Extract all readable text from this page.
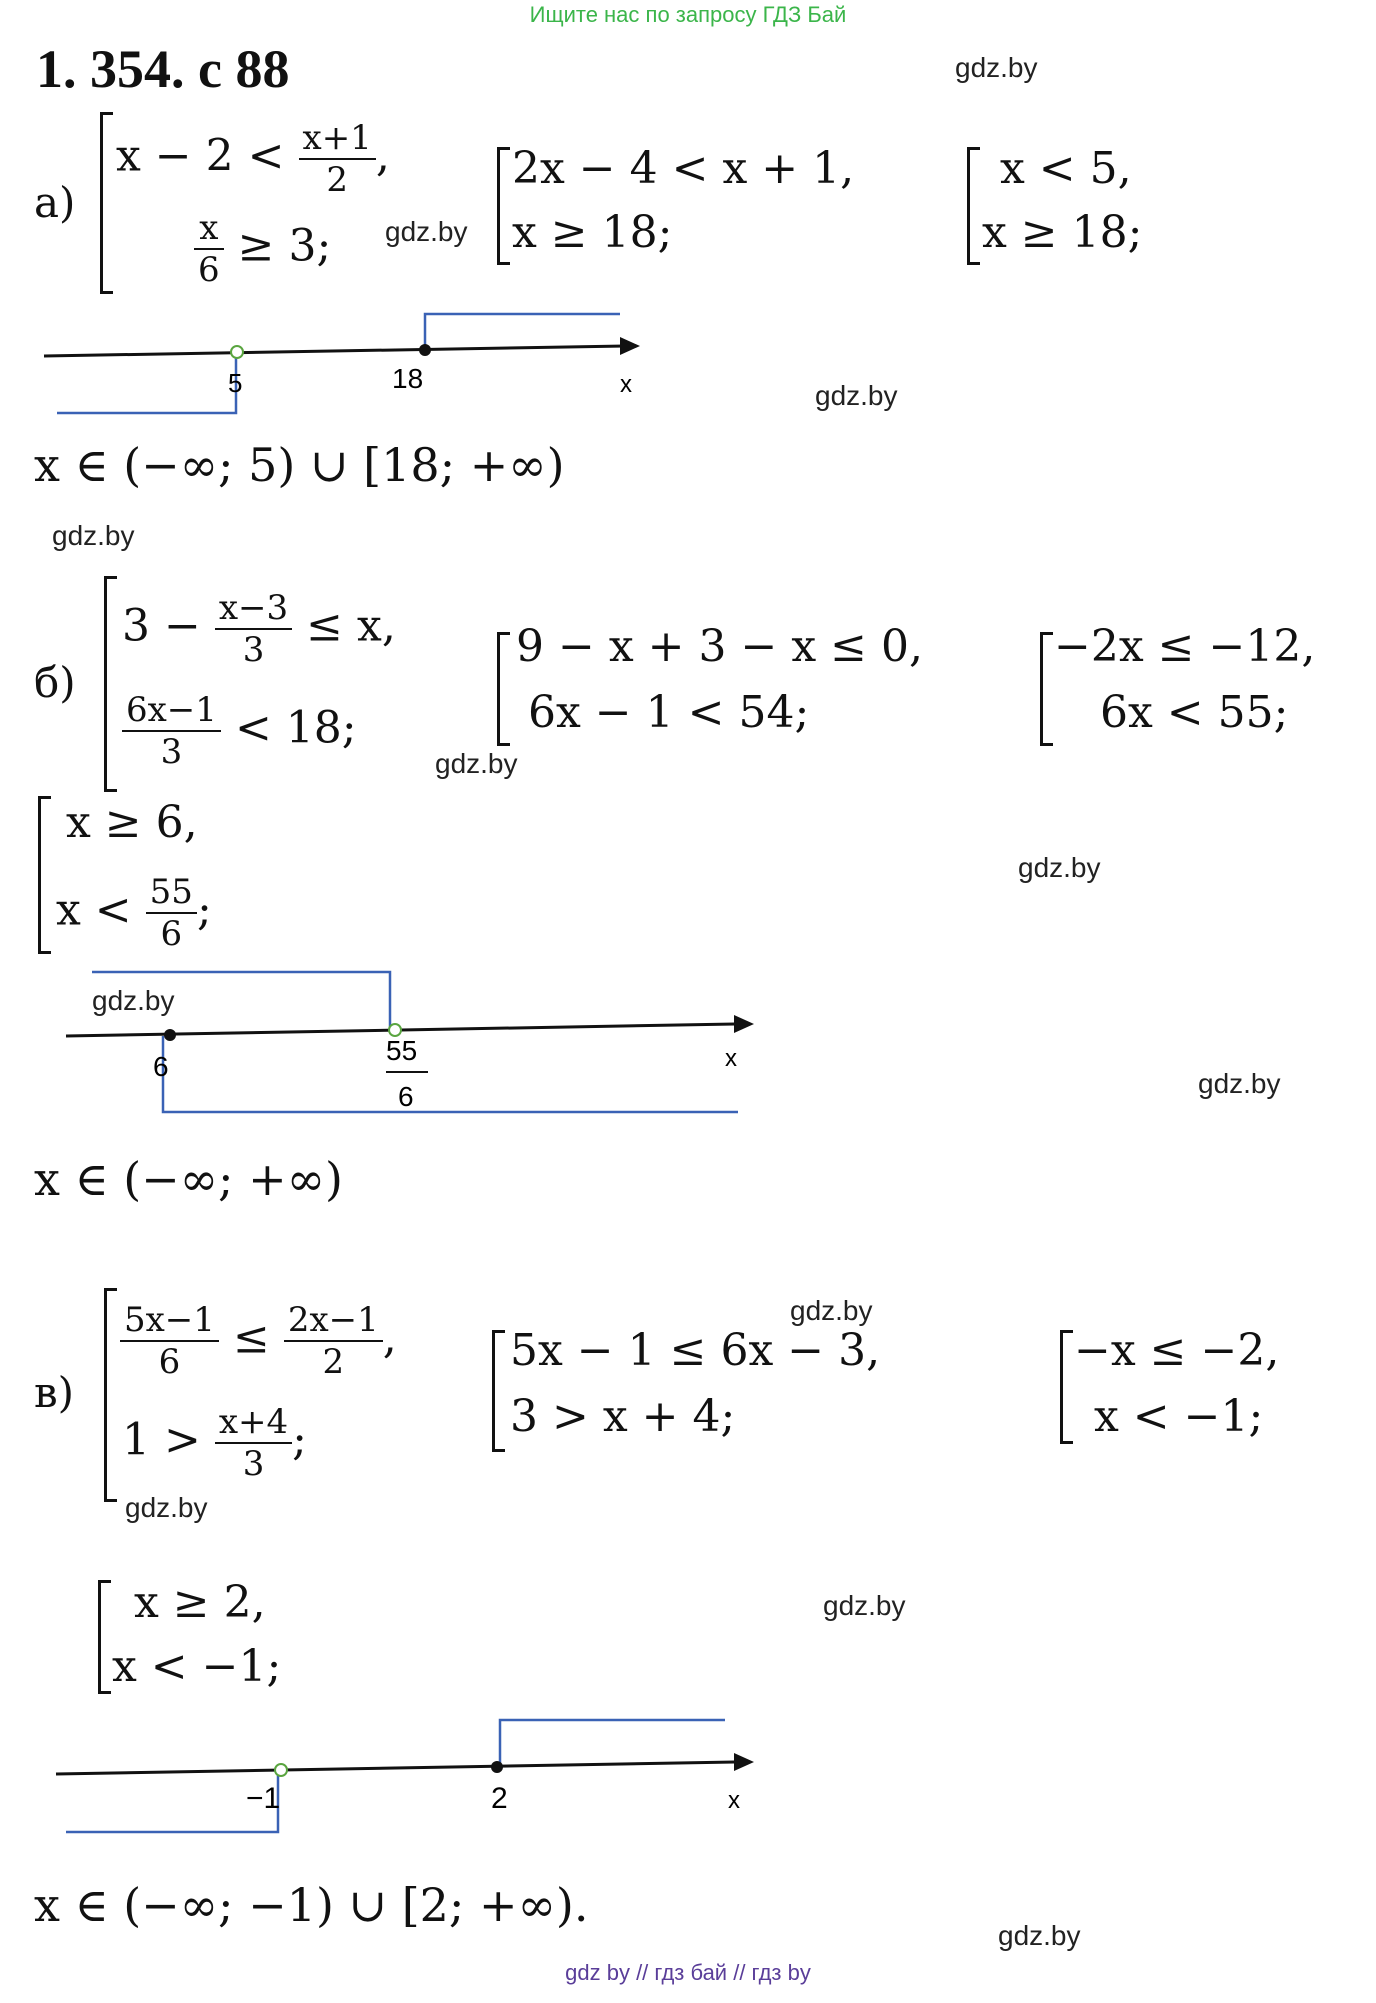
Ищите нас по запросу ГДЗ Бай
1. 354. с 88	gdz.by
gdz.by
gdz.by
gdz.by
gdz.by
gdz.by
gdz.by
gdz.by
gdz.by
gdz.by
gdz.by
gdz.by
а)
$x - 2 < \frac{x+1}{2}$ ,
$\frac{x}{6} \ge 3$;
2x − 4 < x + 1,
x ≥ 18;
x < 5,
x ≥ 18;
5	18	x
x ∈ (−∞; 5) ∪ [18; +∞)
б)
$3 - \frac{x-3}{3} \le x$,
$\frac{6x-1}{3} < 18$;
9 − x + 3 − x ≤ 0,
6x − 1 < 54;
−2x ≤ −12,
6x < 55;
x ≥ 6,
$x < \frac{55}{6}$ ;
6
55
6
x
x ∈ (−∞; +∞)
в)
$\frac{5x-1}{6} \le \frac{2x-1}{2}$ ,
$1 > \frac{x+4}{3}$ ;
5x − 1 ≤ 6x − 3,
3 > x + 4;
−x ≤ −2,
x < −1;
x ≥ 2,
x < −1;
−1	2	x
x ∈ (−∞; −1) ∪ [2; +∞).
gdz by // гдз бай // гдз by
